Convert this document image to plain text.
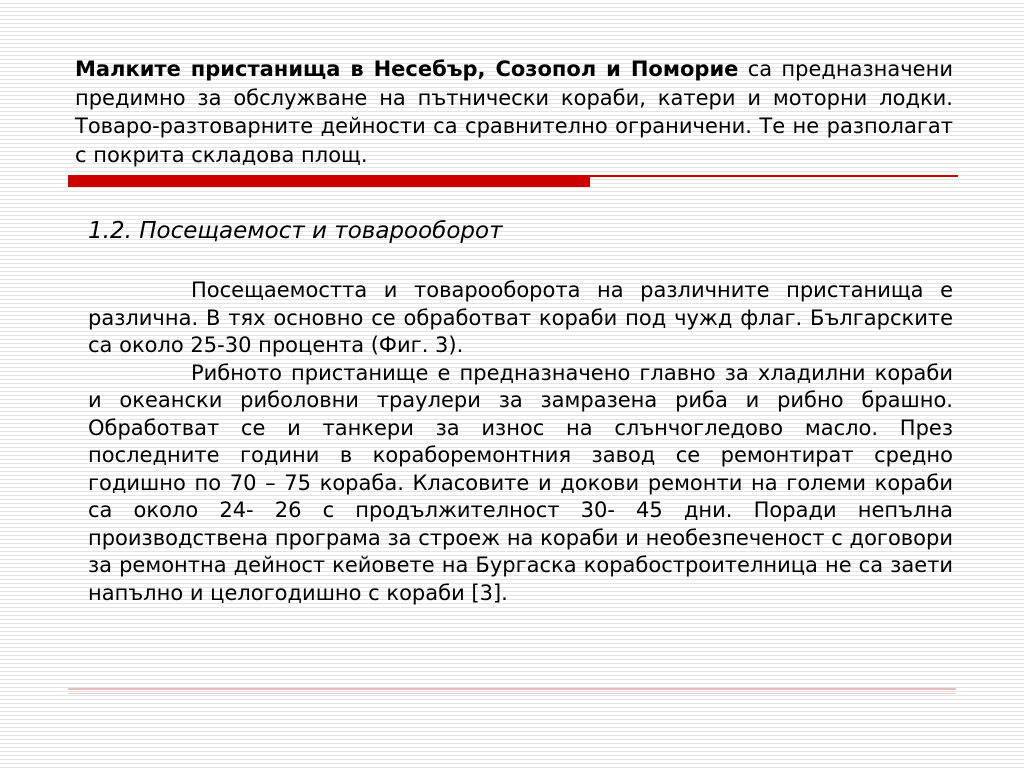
Малките пристанища в Несебър, Созопол и Поморие са предназначени предимно за обслужване на пътнически кораби, катери и моторни лодки. Товаро-разтоварните дейности са сравнително ограничени. Те не разполагат с покрита складова площ.

1.2. Посещаемост и товарооборот

Посещаемостта и товарооборота на различните пристанища е различна. В тях основно се обработват кораби под чужд флаг. Българските са около 25-30 процента (Фиг. 3).

Рибното пристанище е предназначено главно за хладилни кораби и океански риболовни траулери за замразена риба и рибно брашно. Обработват се и танкери за износ на слънчогледово масло. През последните години в кораборемонтния завод се ремонтират средно годишно по 70 – 75 кораба. Класовите и докови ремонти на големи кораби са около 24- 26 с продължителност 30- 45 дни. Поради непълна производствена програма за строеж на кораби и необезпеченост с договори за ремонтна дейност кейовете на Бургаска корабостроителница не са заети напълно и целогодишно с кораби [3].
